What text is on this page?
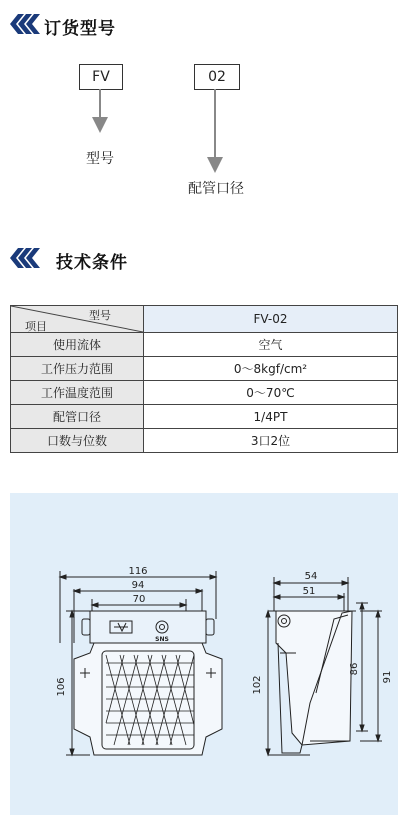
订货型号
FV	02
型号
配管口径
技术条件
型号
项目	FV-02
使用流体	空气
工作压力范围	0～8kgf/cm²
工作温度范围	0～70℃
配管口径	1/4PT
口数与位数	3口2位
116
94
70
106
SNS
54
51
102
86
91
